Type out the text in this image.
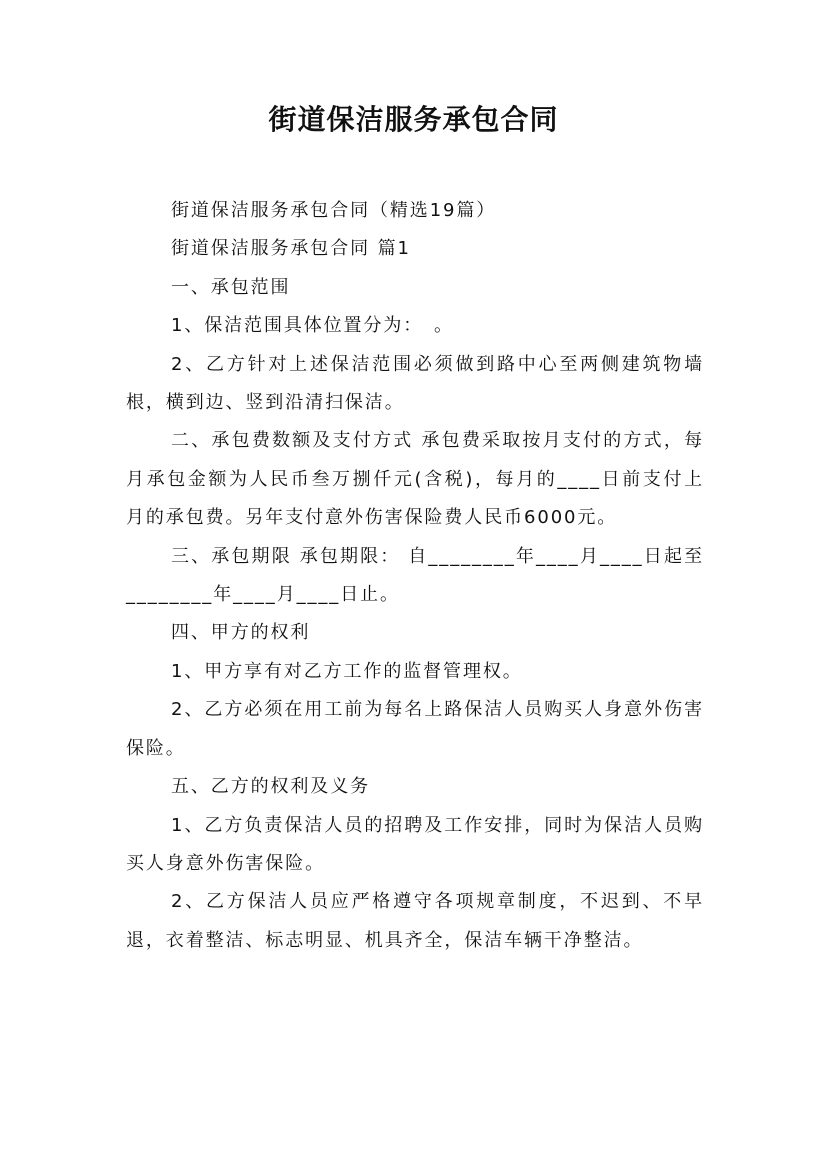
街道保洁服务承包合同

街道保洁服务承包合同（精选19篇）

街道保洁服务承包合同 篇1

一、承包范围

1、保洁范围具体位置分为：　。

2、乙方针对上述保洁范围必须做到路中心至两侧建筑物墙根，横到边、竖到沿清扫保洁。

二、承包费数额及支付方式 承包费采取按月支付的方式，每月承包金额为人民币叁万捌仟元(含税)，每月的____日前支付上月的承包费。另年支付意外伤害保险费人民币6000元。

三、承包期限 承包期限： 自________年____月____日起至________年____月____日止。

四、甲方的权利

1、甲方享有对乙方工作的监督管理权。

2、乙方必须在用工前为每名上路保洁人员购买人身意外伤害保险。

五、乙方的权利及义务

1、乙方负责保洁人员的招聘及工作安排，同时为保洁人员购买人身意外伤害保险。

2、乙方保洁人员应严格遵守各项规章制度，不迟到、不早退，衣着整洁、标志明显、机具齐全，保洁车辆干净整洁。
